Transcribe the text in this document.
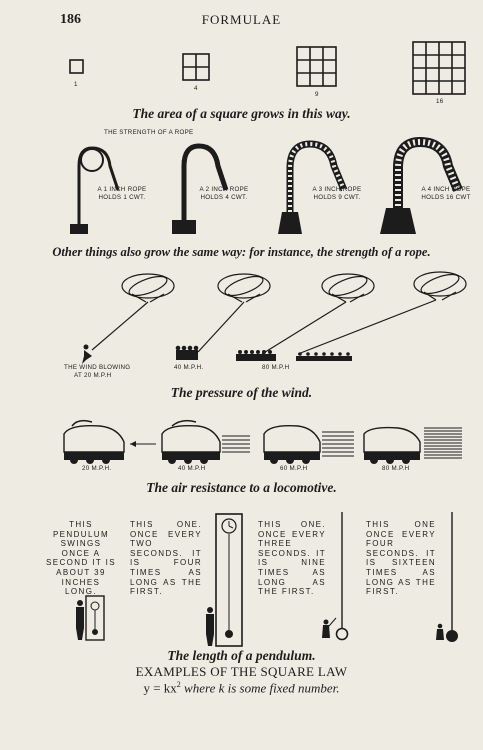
186	FORMULAE
1
4
9
16
The area of a square grows in this way.
THE STRENGTH OF A ROPE
A 1 INCH ROPE
HOLDS 1 CWT.
A 2 INCH ROPE
HOLDS 4 CWT.
A 3 INCH ROPE
HOLDS 9 CWT.
A 4 INCH ROPE
HOLDS 16 CWT
Other things also grow the same way: for instance, the strength of a rope.
THE WIND BLOWING
AT 20 M.P.H
40 M.P.H.	80 M.P.H
The pressure of the wind.
20 M.P.H.	40 M.P.H	60 M.P.H	80 M.P.H
The air resistance to a locomotive.
THIS PENDULUM SWINGS ONCE A SECOND IT IS ABOUT 39 INCHES LONG.
THIS ONE. ONCE EVERY TWO SECONDS. IT IS FOUR TIMES AS LONG AS THE FIRST.
THIS ONE. ONCE EVERY THREE SECONDS. IT IS NINE TIMES AS LONG AS THE FIRST.
THIS ONE ONCE EVERY FOUR SECONDS. IT IS SIXTEEN TIMES AS LONG AS THE FIRST.
The length of a pendulum.
EXAMPLES OF THE SQUARE LAW
$y = kx^2$ where k is some fixed number.
